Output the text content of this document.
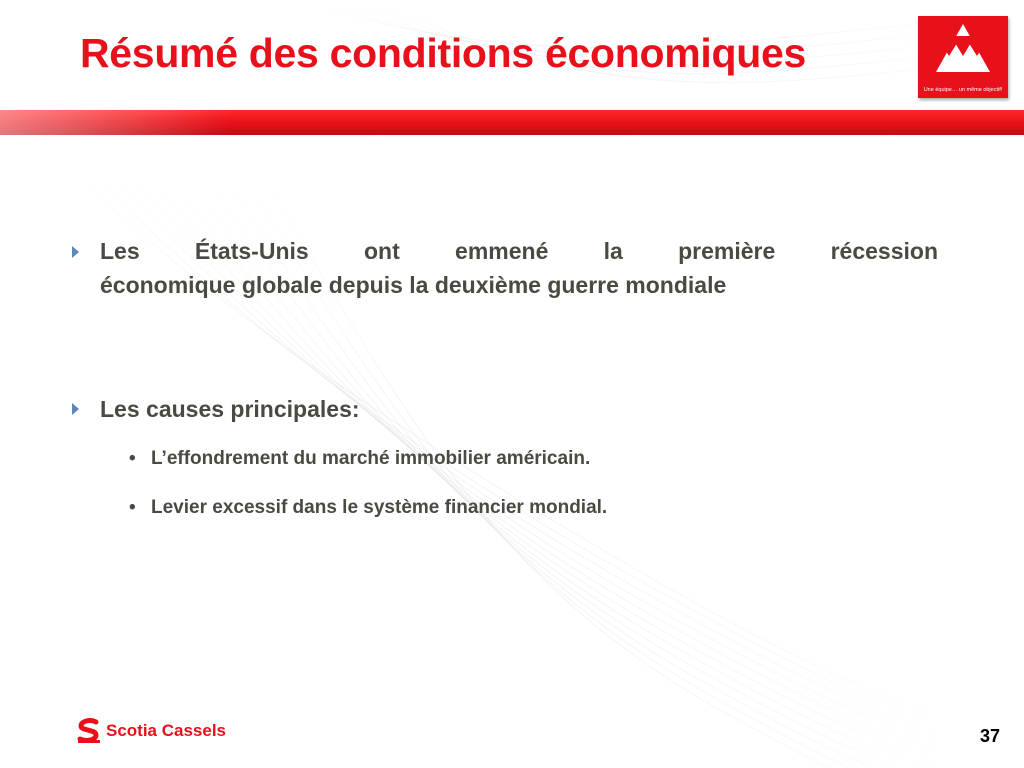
Résumé des conditions économiques
Une équipe… un même objectif!
Les États-Unis ont emmené la première récession
économique globale depuis la deuxième guerre mondiale
Les causes principales:
• L’effondrement du marché immobilier américain.
• Levier excessif dans le système financier mondial.
Scotia Cassels	37
